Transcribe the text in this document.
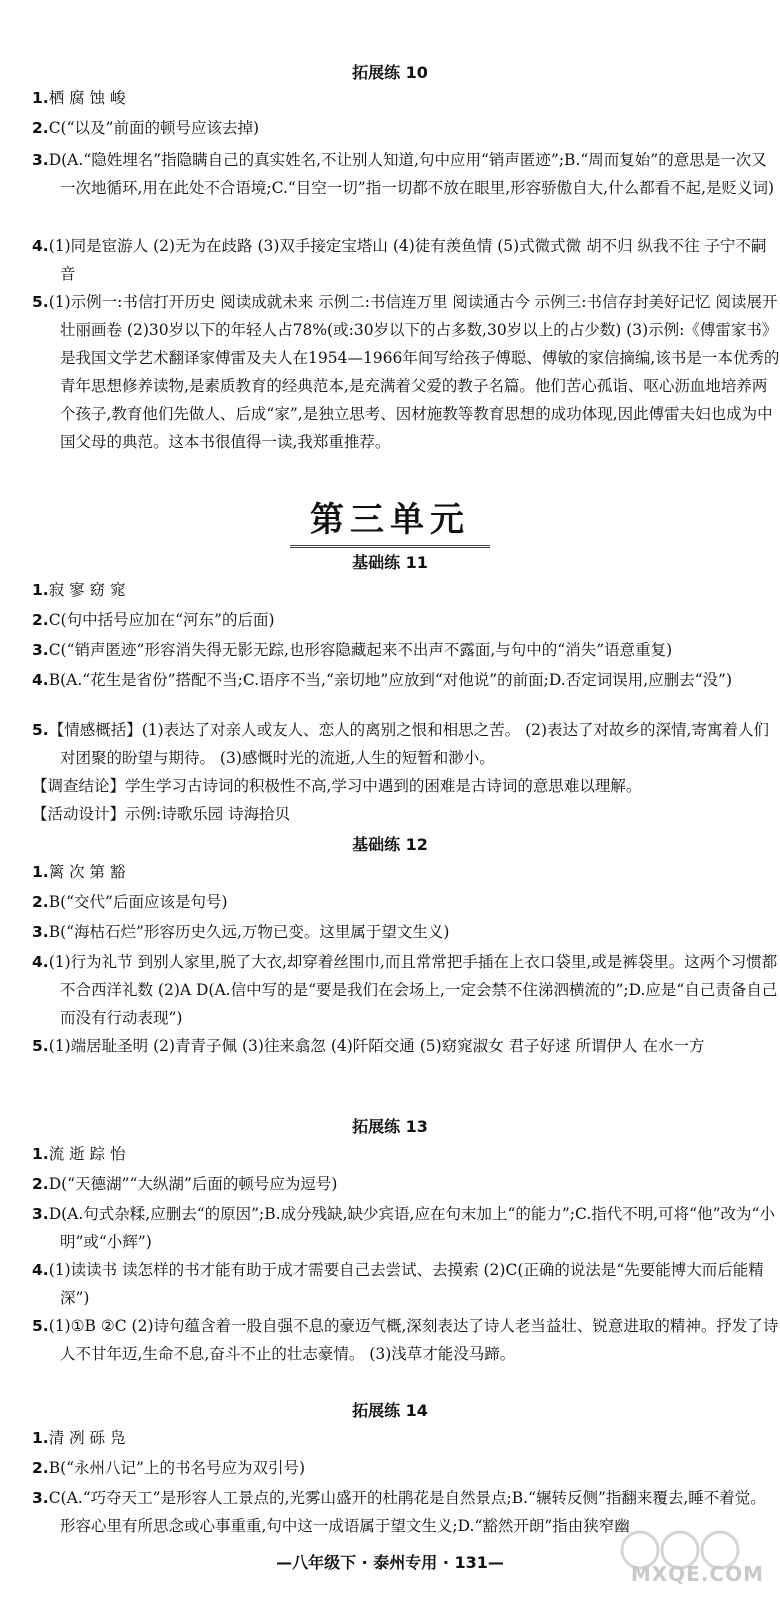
拓展练 10
1.栖 腐 蚀 峻
2.C(“以及”前面的顿号应该去掉)
3.D(A.“隐姓埋名”指隐瞒自己的真实姓名,不让别人知道,句中应用“销声匿迹”;B.“周而复始”的意思是一次又一次地循环,用在此处不合语境;C.“目空一切”指一切都不放在眼里,形容骄傲自大,什么都看不起,是贬义词)
4.(1)同是宦游人 (2)无为在歧路 (3)双手接定宝塔山 (4)徒有羡鱼情 (5)式微式微 胡不归 纵我不往 子宁不嗣音
5.(1)示例一:书信打开历史 阅读成就未来 示例二:书信连万里 阅读通古今 示例三:书信存封美好记忆 阅读展开壮丽画卷 (2)30岁以下的年轻人占78%(或:30岁以下的占多数,30岁以上的占少数) (3)示例:《傅雷家书》是我国文学艺术翻译家傅雷及夫人在1954—1966年间写给孩子傅聪、傅敏的家信摘编,该书是一本优秀的青年思想修养读物,是素质教育的经典范本,是充满着父爱的教子名篇。他们苦心孤诣、呕心沥血地培养两个孩子,教育他们先做人、后成“家”,是独立思考、因材施教等教育思想的成功体现,因此傅雷夫妇也成为中国父母的典范。这本书很值得一读,我郑重推荐。
第三单元
基础练 11
1.寂 寥 窈 窕
2.C(句中括号应加在“河东”的后面)
3.C(“销声匿迹”形容消失得无影无踪,也形容隐藏起来不出声不露面,与句中的“消失”语意重复)
4.B(A.“花生是省份”搭配不当;C.语序不当,“亲切地”应放到“对他说”的前面;D.否定词误用,应删去“没”)
5.【情感概括】(1)表达了对亲人或友人、恋人的离别之恨和相思之苦。 (2)表达了对故乡的深情,寄寓着人们对团聚的盼望与期待。 (3)感慨时光的流逝,人生的短暂和渺小。
【调查结论】学生学习古诗词的积极性不高,学习中遇到的困难是古诗词的意思难以理解。
【活动设计】示例:诗歌乐园 诗海拾贝
基础练 12
1.篱 次 第 豁
2.B(“交代”后面应该是句号)
3.B(“海枯石烂”形容历史久远,万物已变。这里属于望文生义)
4.(1)行为礼节 到别人家里,脱了大衣,却穿着丝围巾,而且常常把手插在上衣口袋里,或是裤袋里。这两个习惯都不合西洋礼数 (2)A D(A.信中写的是“要是我们在会场上,一定会禁不住涕泗横流的”;D.应是“自己责备自己而没有行动表现”)
5.(1)端居耻圣明 (2)青青子佩 (3)往来翕忽 (4)阡陌交通 (5)窈窕淑女 君子好逑 所谓伊人 在水一方
拓展练 13
1.流 逝 踪 怡
2.D(“天德湖”“大纵湖”后面的顿号应为逗号)
3.D(A.句式杂糅,应删去“的原因”;B.成分残缺,缺少宾语,应在句末加上“的能力”;C.指代不明,可将“他”改为“小明”或“小辉”)
4.(1)读读书 读怎样的书才能有助于成才需要自己去尝试、去摸索 (2)C(正确的说法是“先要能博大而后能精深”)
5.(1)①B ②C (2)诗句蕴含着一股自强不息的豪迈气概,深刻表达了诗人老当益壮、锐意进取的精神。抒发了诗人不甘年迈,生命不息,奋斗不止的壮志豪情。 (3)浅草才能没马蹄。
拓展练 14
1.清 冽 砾 凫
2.B(“永州八记”上的书名号应为双引号)
3.C(A.“巧夺天工”是形容人工景点的,光雾山盛开的杜鹃花是自然景点;B.“辗转反侧”指翻来覆去,睡不着觉。形容心里有所思念或心事重重,句中这一成语属于望文生义;D.“豁然开朗”指由狭窄幽
—八年级下 · 泰州专用 · 131—	MXQE.COM
